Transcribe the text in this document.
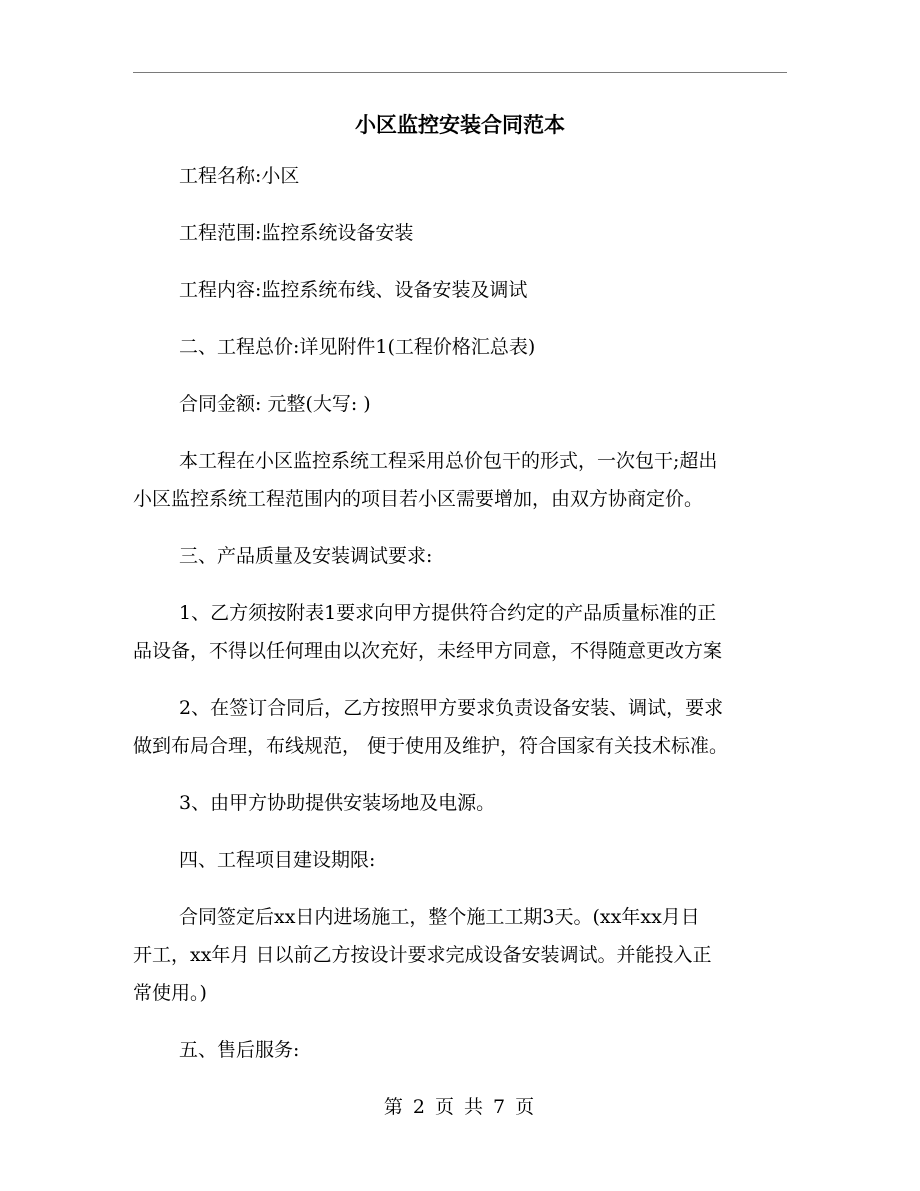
小区监控安装合同范本

工程名称:小区

工程范围:监控系统设备安装

工程内容:监控系统布线、设备安装及调试

二、工程总价:详见附件1(工程价格汇总表)

合同金额: 元整(大写: )

本工程在小区监控系统工程采用总价包干的形式，一次包干;超出
小区监控系统工程范围内的项目若小区需要增加，由双方协商定价。

三、产品质量及安装调试要求:

1、乙方须按附表1要求向甲方提供符合约定的产品质量标准的正
品设备，不得以任何理由以次充好，未经甲方同意，不得随意更改方案

2、在签订合同后，乙方按照甲方要求负责设备安装、调试，要求
做到布局合理，布线规范， 便于使用及维护，符合国家有关技术标准。

3、由甲方协助提供安装场地及电源。

四、工程项目建设期限:

合同签定后xx日内进场施工，整个施工工期3天。(xx年xx月日
开工，xx年月 日以前乙方按设计要求完成设备安装调试。并能投入正
常使用。)

五、售后服务:

第 2 页 共 7 页
